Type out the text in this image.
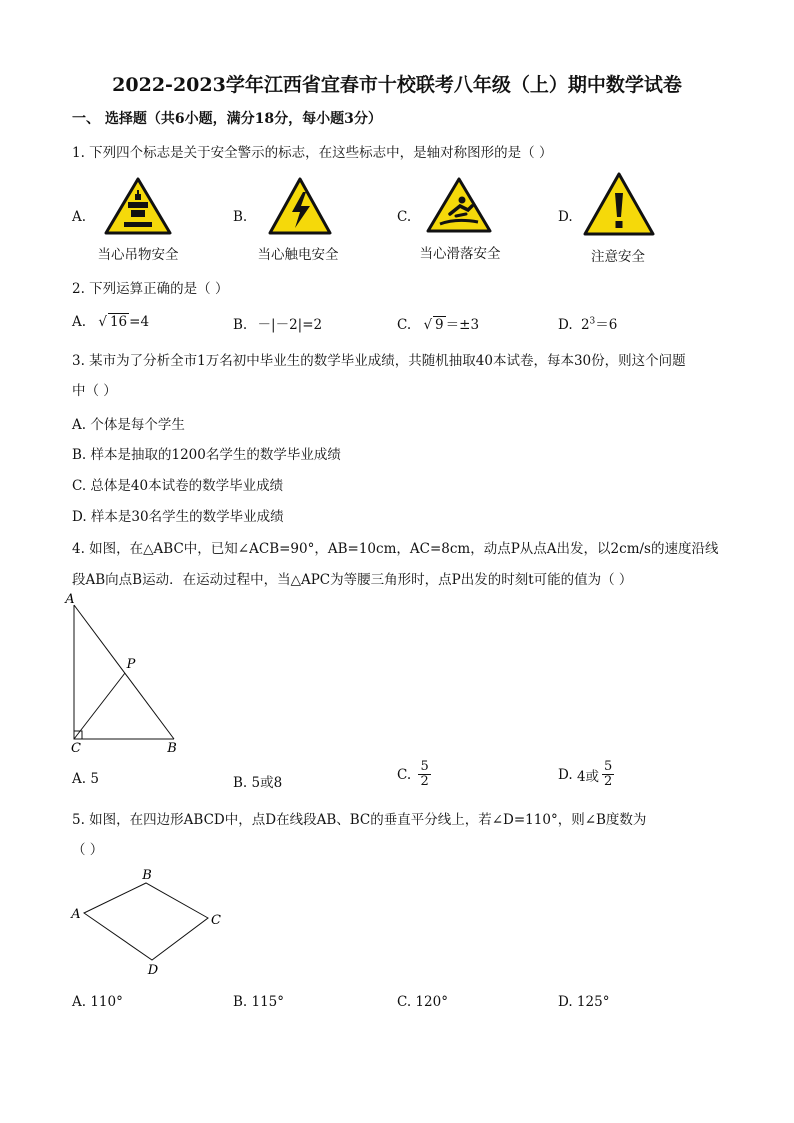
2022-2023学年江西省宜春市十校联考八年级（上）期中数学试卷
一、 选择题（共6小题，满分18分，每小题3分）
1. 下列四个标志是关于安全警示的标志，在这些标志中，是轴对称图形的是（ ）
A.
当心吊物安全
B.
当心触电安全
C.
当心滑落安全
D.
注意安全
2. 下列运算正确的是（ ）
A. √ 16 =4	B. －|－2|=2	C. √ 9 ＝±3	D. $2^3=6$
3. 某市为了分析全市1万名初中毕业生的数学毕业成绩，共随机抽取40本试卷，每本30份，则这个问题
中（ ）
A. 个体是每个学生
B. 样本是抽取的1200名学生的数学毕业成绩
C. 总体是40本试卷的数学毕业成绩
D. 样本是30名学生的数学毕业成绩
4. 如图，在△ABC中，已知∠ACB=90°，AB=10cm，AC=8cm，动点P从点A出发，以2cm/s的速度沿线
段AB向点B运动．在运动过程中，当△APC为等腰三角形时，点P出发的时刻t可能的值为（ ）
A
P
C	B
A. 5	B. 5或8
C. $\frac{5}{2}$	D. 4或 $\frac{5}{2}$
5. 如图，在四边形ABCD中，点D在线段AB、BC的垂直平分线上，若∠D=110°，则∠B度数为
（ ）
A
B
C
D
A. 110°	B. 115°	C. 120°	D. 125°
